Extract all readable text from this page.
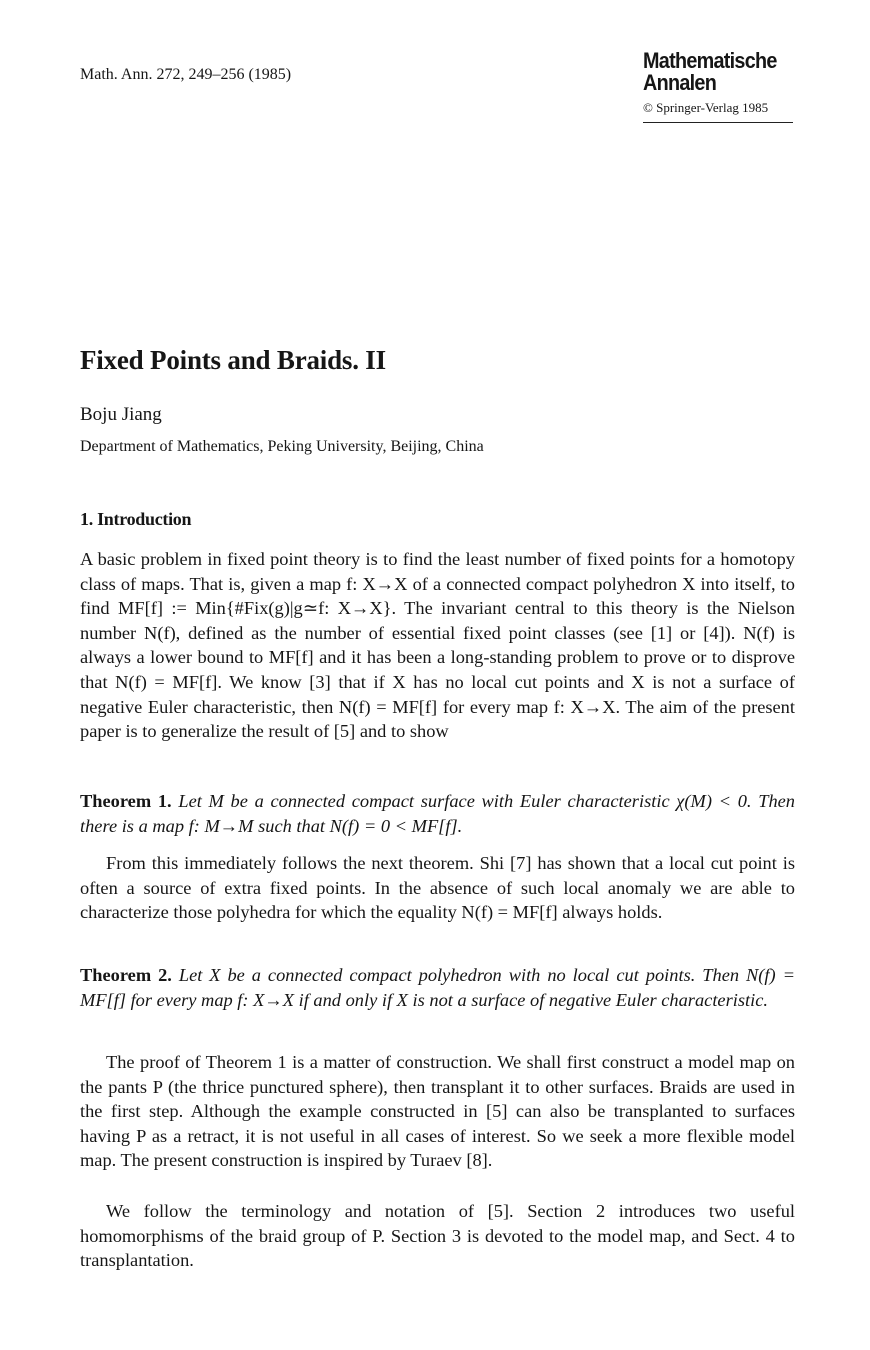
Math. Ann. 272, 249–256 (1985)
Mathematische
Annalen
© Springer-Verlag 1985
Fixed Points and Braids. II
Boju Jiang
Department of Mathematics, Peking University, Beijing, China
1. Introduction

A basic problem in fixed point theory is to find the least number of fixed points for a homotopy class of maps. That is, given a map f: X→X of a connected compact polyhedron X into itself, to find MF[f] := Min{#Fix(g)|g≃f: X→X}. The invariant central to this theory is the Nielson number N(f), defined as the number of essential fixed point classes (see [1] or [4]). N(f) is always a lower bound to MF[f] and it has been a long-standing problem to prove or to disprove that N(f) = MF[f]. We know [3] that if X has no local cut points and X is not a surface of negative Euler characteristic, then N(f) = MF[f] for every map f: X→X. The aim of the present paper is to generalize the result of [5] and to show

Theorem 1. Let M be a connected compact surface with Euler characteristic χ(M) < 0. Then there is a map f: M→M such that N(f) = 0 < MF[f].

From this immediately follows the next theorem. Shi [7] has shown that a local cut point is often a source of extra fixed points. In the absence of such local anomaly we are able to characterize those polyhedra for which the equality N(f) = MF[f] always holds.

Theorem 2. Let X be a connected compact polyhedron with no local cut points. Then N(f) = MF[f] for every map f: X→X if and only if X is not a surface of negative Euler characteristic.

The proof of Theorem 1 is a matter of construction. We shall first construct a model map on the pants P (the thrice punctured sphere), then transplant it to other surfaces. Braids are used in the first step. Although the example constructed in [5] can also be transplanted to surfaces having P as a retract, it is not useful in all cases of interest. So we seek a more flexible model map. The present construction is inspired by Turaev [8].

We follow the terminology and notation of [5]. Section 2 introduces two useful homomorphisms of the braid group of P. Section 3 is devoted to the model map, and Sect. 4 to transplantation.
